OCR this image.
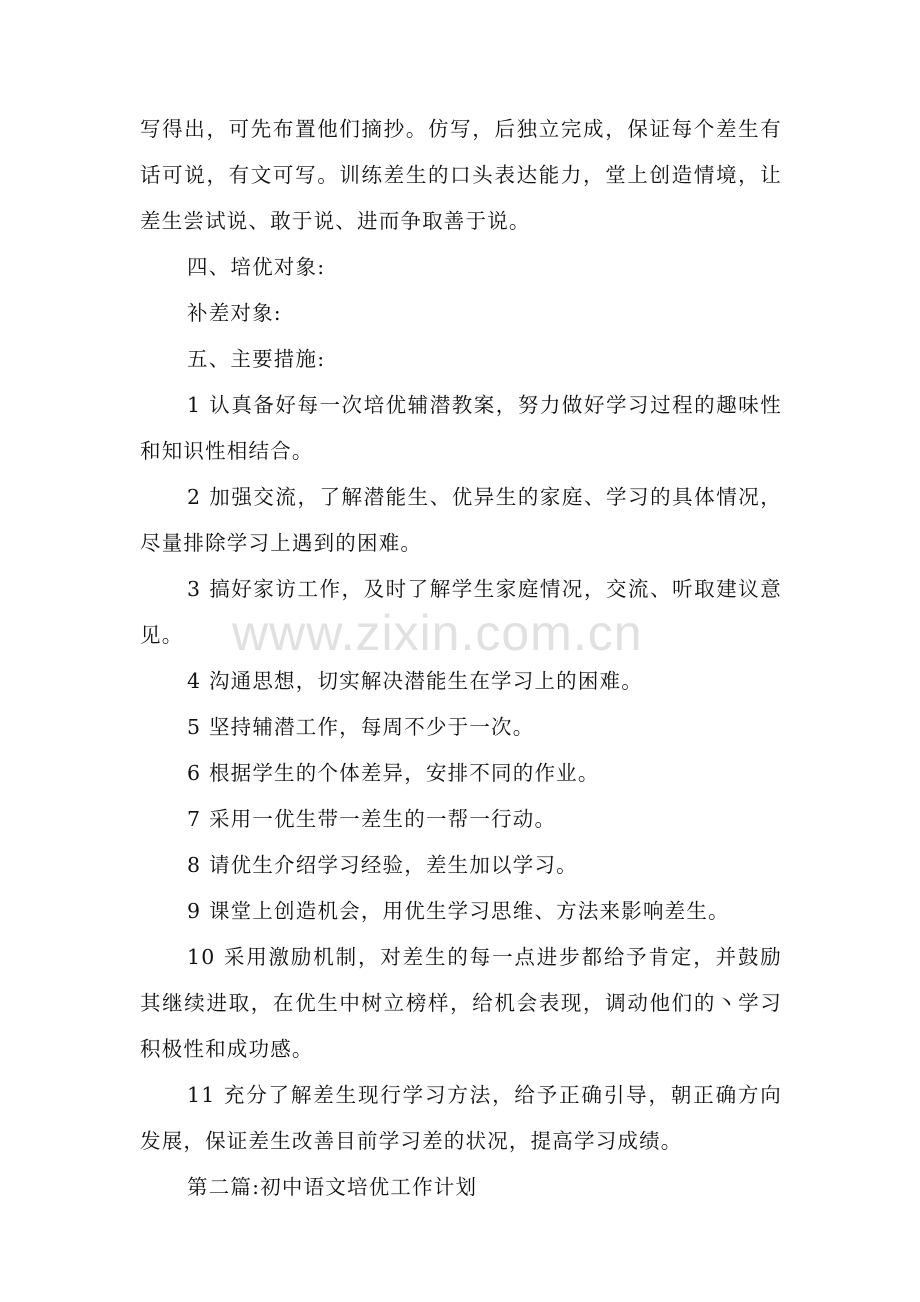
写得出，可先布置他们摘抄。仿写，后独立完成，保证每个差生有话可说，有文可写。训练差生的口头表达能力，堂上创造情境，让差生尝试说、敢于说、进而争取善于说。

四、培优对象:

补差对象:

五、主要措施:

1 认真备好每一次培优辅潜教案，努力做好学习过程的趣味性和知识性相结合。

2 加强交流，了解潜能生、优异生的家庭、学习的具体情况，尽量排除学习上遇到的困难。

3 搞好家访工作，及时了解学生家庭情况，交流、听取建议意见。

4 沟通思想，切实解决潜能生在学习上的困难。

5 坚持辅潜工作，每周不少于一次。

6 根据学生的个体差异，安排不同的作业。

7 采用一优生带一差生的一帮一行动。

8 请优生介绍学习经验，差生加以学习。

9 课堂上创造机会，用优生学习思维、方法来影响差生。

10 采用激励机制，对差生的每一点进步都给予肯定，并鼓励其继续进取，在优生中树立榜样，给机会表现，调动他们的丶学习积极性和成功感。

11 充分了解差生现行学习方法，给予正确引导，朝正确方向发展，保证差生改善目前学习差的状况，提高学习成绩。

第二篇:初中语文培优工作计划

www.zixin.com.cn
